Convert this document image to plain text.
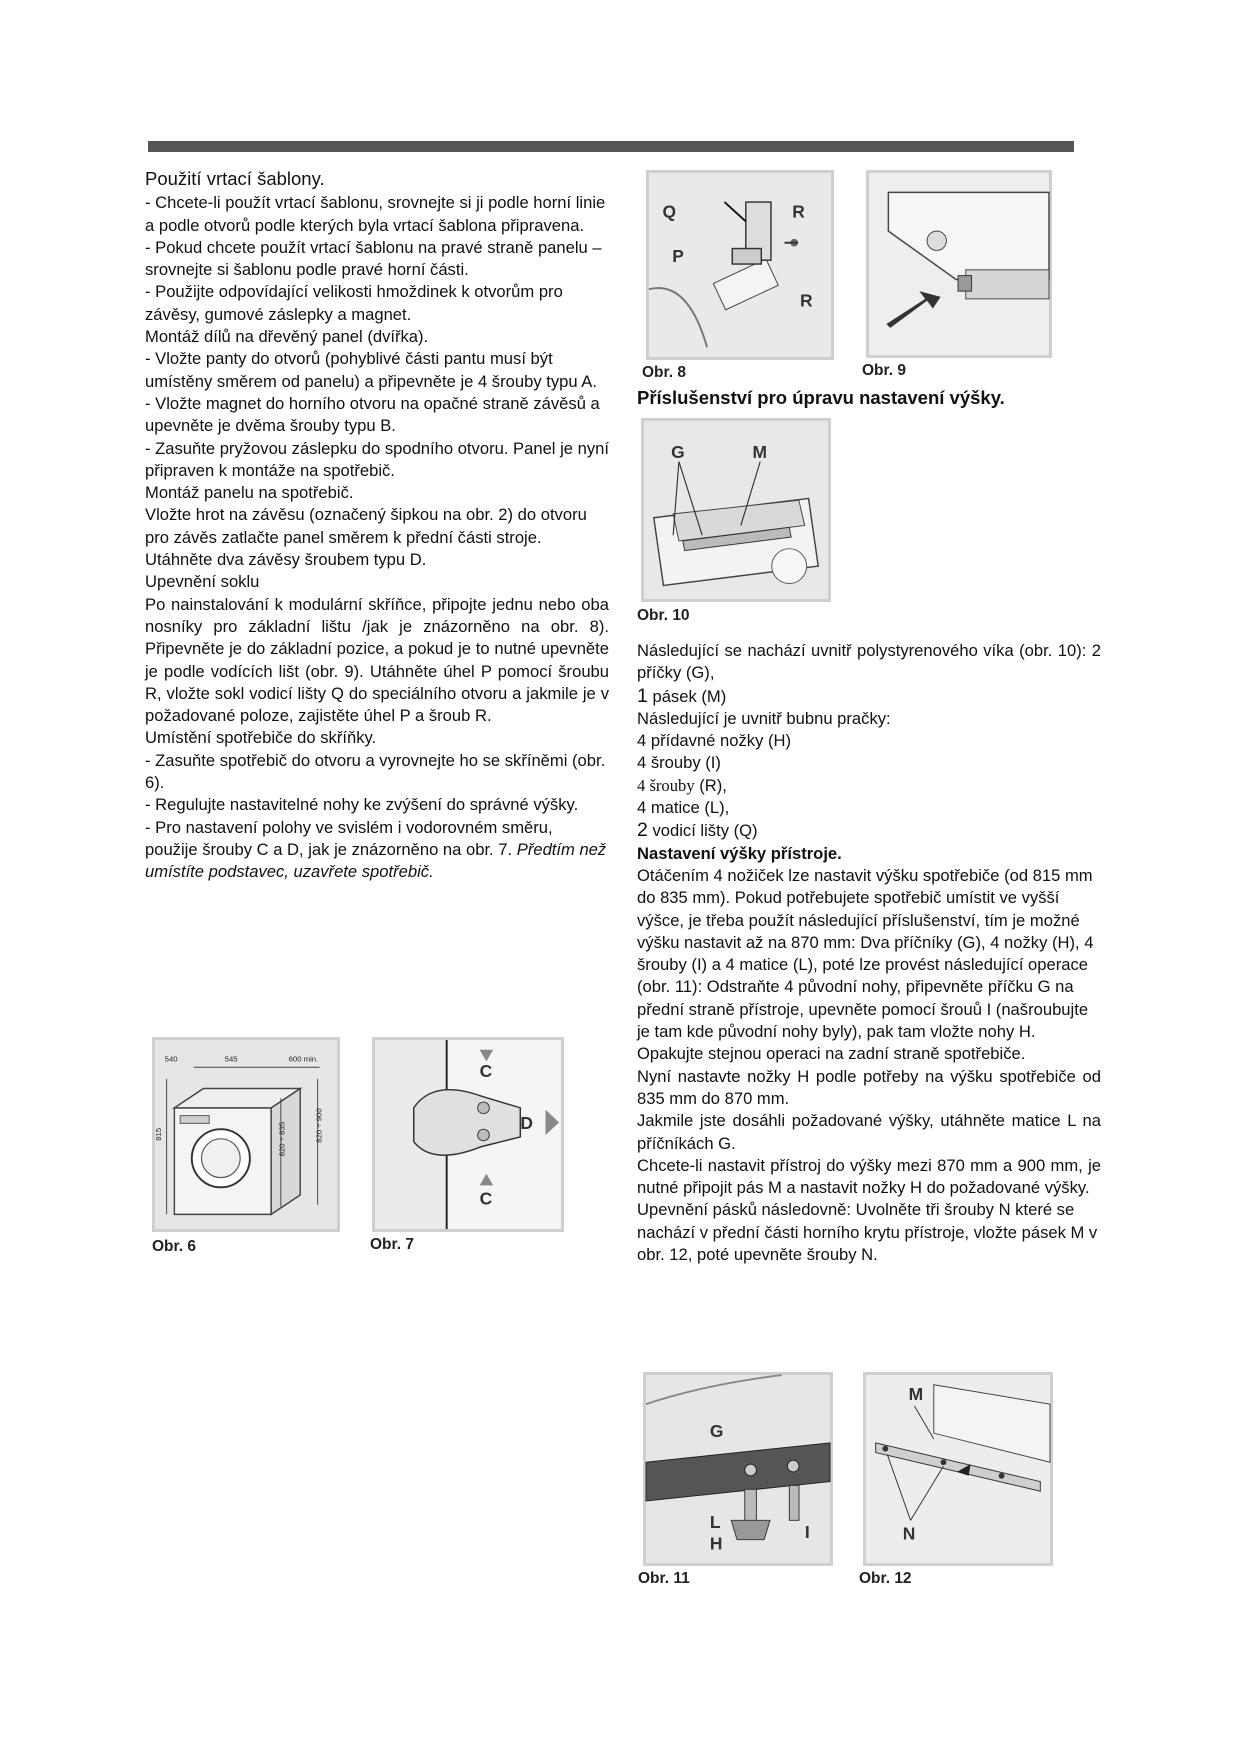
Použití vrtací šablony.

- Chcete-li použít vrtací šablonu, srovnejte si ji podle horní linie a podle otvorů podle kterých byla vrtací šablona připravena.

- Pokud chcete použít vrtací šablonu na pravé straně panelu – srovnejte si šablonu podle pravé horní části.

- Použijte odpovídající velikosti hmoždinek k otvorům pro závěsy, gumové záslepky a magnet.

Montáž dílů na dřevěný panel (dvířka).

- Vložte panty do otvorů (pohyblivé části pantu musí být umístěny směrem od panelu) a připevněte je 4 šrouby typu A.

- Vložte magnet do horního otvoru na opačné straně závěsů a upevněte je dvěma šrouby typu B.

- Zasuňte pryžovou záslepku do spodního otvoru. Panel je nyní připraven k montáže na spotřebič.

Montáž panelu na spotřebič.

Vložte hrot na závěsu (označený šipkou na obr. 2) do otvoru pro závěs zatlačte panel směrem k přední části stroje. Utáhněte dva závěsy šroubem typu D.

Upevnění soklu

Po nainstalování k modulární skříňce, připojte jednu nebo oba nosníky pro základní lištu /jak je znázorněno na obr. 8). Připevněte je do základní pozice, a pokud je to nutné upevněte je podle vodících lišt (obr. 9). Utáhněte úhel P pomocí šroubu R, vložte sokl vodicí lišty Q do speciálního otvoru a jakmile je v požadované poloze, zajistěte úhel P a šroub R.

Umístění spotřebiče do skříňky.

- Zasuňte spotřebič do otvoru a vyrovnejte ho se skříněmi (obr. 6).

- Regulujte nastavitelné nohy ke zvýšení do správné výšky.

- Pro nastavení polohy ve svislém i vodorovném směru, použije šrouby C a D, jak je znázorněno na obr. 7. Předtím než umístíte podstavec, uzavřete spotřebič.

540	545	600 min.
815	820 ÷ 900
820 ÷ 835
Obr. 6
C
D
C
Obr. 7
Q	R
P
R
Obr. 8	Obr. 9
Příslušenství pro úpravu nastavení výšky.
G	M
Obr. 10

Následující se nachází uvnitř polystyrenového víka (obr. 10): 2 příčky (G),

1 pásek (M)

Následující je uvnitř bubnu pračky:

4 přídavné nožky (H)

4 šrouby (I)

4 šrouby (R),

4 matice (L),

2 vodicí lišty (Q)

Nastavení výšky přístroje.

Otáčením 4 nožiček lze nastavit výšku spotřebiče (od 815 mm do 835 mm). Pokud potřebujete spotřebič umístit ve vyšší výšce, je třeba použít následující příslušenství, tím je možné výšku nastavit až na 870 mm: Dva příčníky (G), 4 nožky (H), 4 šrouby (I) a 4 matice (L), poté lze provést následující operace (obr. 11): Odstraňte 4 původní nohy, připevněte příčku G na přední straně přístroje, upevněte pomocí šrouů I (našroubujte je tam kde původní nohy byly), pak tam vložte nohy H. Opakujte stejnou operaci na zadní straně spotřebiče.

Nyní nastavte nožky H podle potřeby na výšku spotřebiče od 835 mm do 870 mm.

Jakmile jste dosáhli požadované výšky, utáhněte matice L na příčníkách G.

Chcete-li nastavit přístroj do výšky mezi 870 mm a 900 mm, je nutné připojit pás M a nastavit nožky H do požadované výšky.

Upevnění pásků následovně: Uvolněte tři šrouby N které se nachází v přední části horního krytu přístroje, vložte pásek M v obr. 12, poté upevněte šrouby N.

G
L
H
I
Obr. 11
M
N
Obr. 12
